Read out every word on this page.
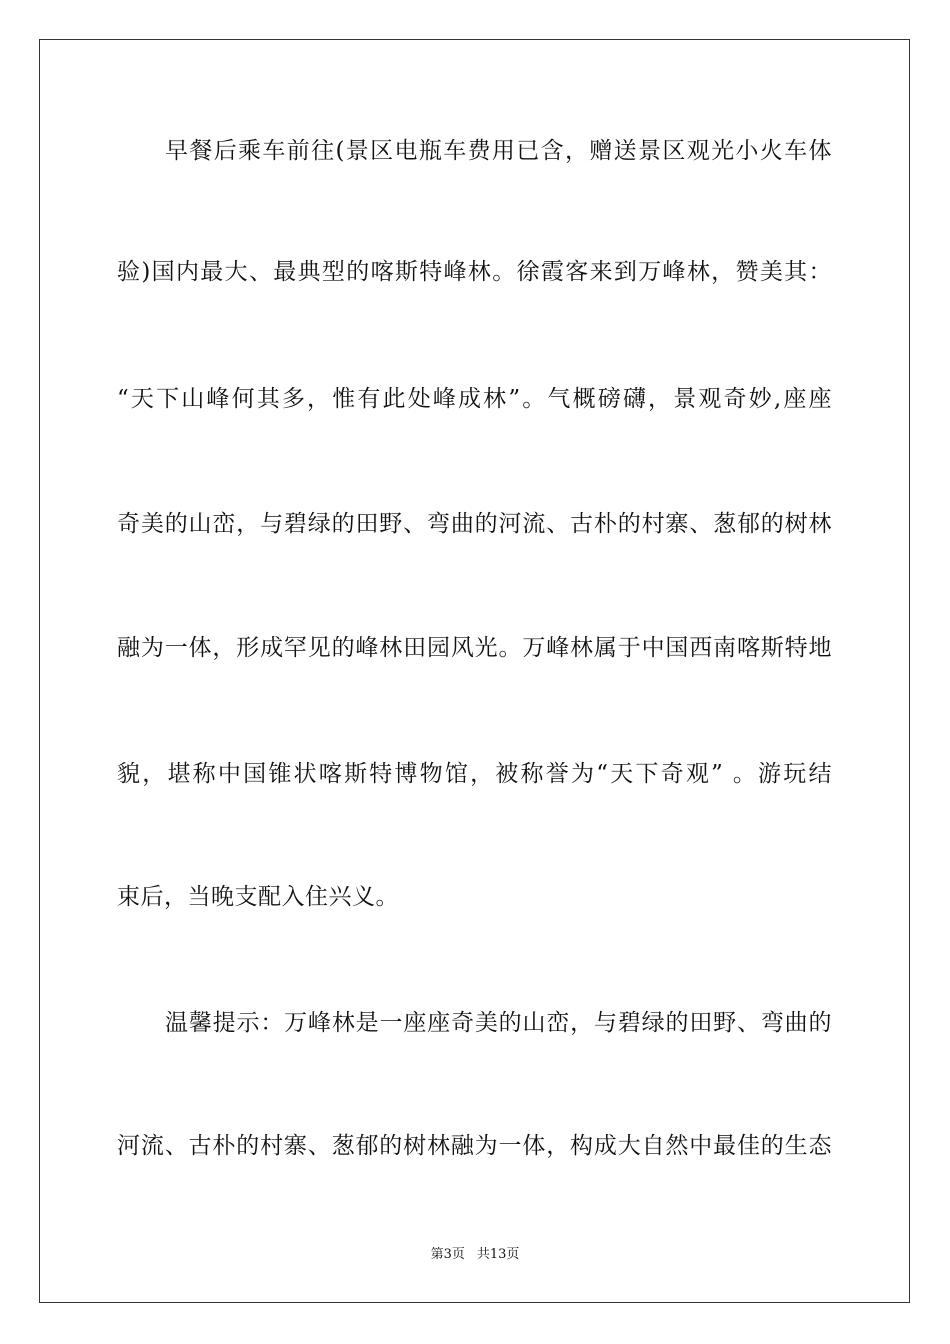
早餐后乘车前往(景区电瓶车费用已含，赠送景区观光小火车体
验)国内最大、最典型的喀斯特峰林。徐霞客来到万峰林，赞美其：
“天下山峰何其多，惟有此处峰成林”。气概磅礴，景观奇妙,座座
奇美的山峦，与碧绿的田野、弯曲的河流、古朴的村寨、葱郁的树林
融为一体，形成罕见的峰林田园风光。万峰林属于中国西南喀斯特地
貌，堪称中国锥状喀斯特博物馆，被称誉为“天下奇观” 。游玩结
束后，当晚支配入住兴义。
温馨提示：万峰林是一座座奇美的山峦，与碧绿的田野、弯曲的
河流、古朴的村寨、葱郁的树林融为一体，构成大自然中最佳的生态
第3页 共13页
